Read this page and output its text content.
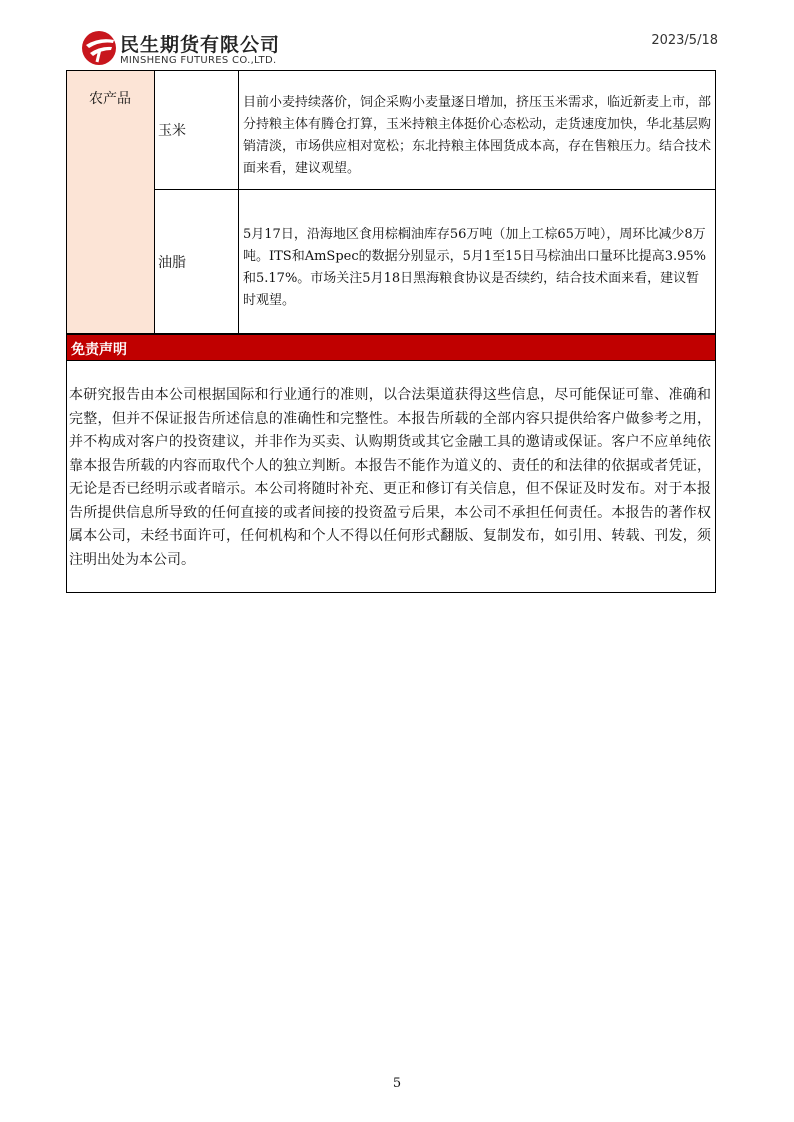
民生期货有限公司
MINSHENG FUTURES CO.,LTD.
2023/5/18
农产品
玉米
目前小麦持续落价，饲企采购小麦量逐日增加，挤压玉米需求，临近新麦上市，部分持粮主体有腾仓打算，玉米持粮主体挺价心态松动，走货速度加快，华北基层购销清淡，市场供应相对宽松；东北持粮主体囤货成本高，存在售粮压力。结合技术面来看，建议观望。
油脂
5月17日，沿海地区食用棕榈油库存56万吨（加上工棕65万吨），周环比减少8万吨。ITS和AmSpec的数据分别显示，5月1至15日马棕油出口量环比提高3.95%和5.17%。市场关注5月18日黑海粮食协议是否续约，结合技术面来看，建议暂时观望。
免责声明
本研究报告由本公司根据国际和行业通行的准则，以合法渠道获得这些信息，尽可能保证可靠、准确和完整，但并不保证报告所述信息的准确性和完整性。本报告所载的全部内容只提供给客户做参考之用，并不构成对客户的投资建议，并非作为买卖、认购期货或其它金融工具的邀请或保证。客户不应单纯依靠本报告所载的内容而取代个人的独立判断。本报告不能作为道义的、责任的和法律的依据或者凭证，无论是否已经明示或者暗示。本公司将随时补充、更正和修订有关信息，但不保证及时发布。对于本报告所提供信息所导致的任何直接的或者间接的投资盈亏后果，本公司不承担任何责任。本报告的著作权属本公司，未经书面许可，任何机构和个人不得以任何形式翻版、复制发布，如引用、转载、刊发，须注明出处为本公司。
5
